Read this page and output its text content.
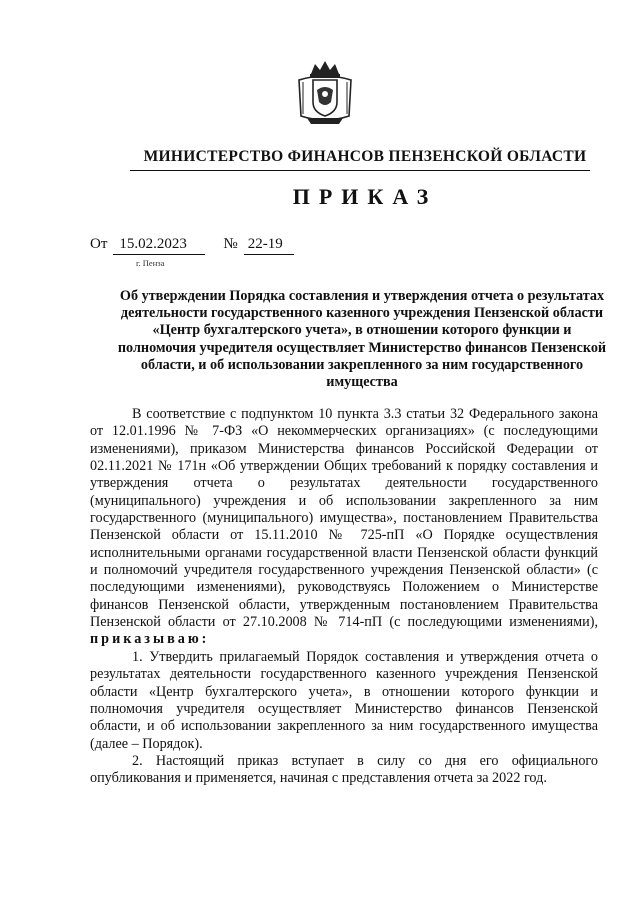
МИНИСТЕРСТВО ФИНАНСОВ ПЕНЗЕНСКОЙ ОБЛАСТИ
ПРИКАЗ
От 15.02.2023 № 22-19
г. Пенза
Об утверждении Порядка составления и утверждения отчета о результатах деятельности государственного казенного учреждения Пензенской области «Центр бухгалтерского учета», в отношении которого функции и полномочия учредителя осуществляет Министерство финансов Пензенской области, и об использовании закрепленного за ним государственного имущества

В соответствие с подпунктом 10 пункта 3.3 статьи 32 Федерального закона от 12.01.1996 № 7-ФЗ «О некоммерческих организациях» (с последующими изменениями), приказом Министерства финансов Российской Федерации от 02.11.2021 № 171н «Об утверждении Общих требований к порядку составления и утверждения отчета о результатах деятельности государственного (муниципального) учреждения и об использовании закрепленного за ним государственного (муниципального) имущества», постановлением Правительства Пензенской области от 15.11.2010 № 725-пП «О Порядке осуществления исполнительными органами государственной власти Пензенской области функций и полномочий учредителя государственного учреждения Пензенской области» (с последующими изменениями), руководствуясь Положением о Министерстве финансов Пензенской области, утвержденным постановлением Правительства Пензенской области от 27.10.2008 № 714-пП (с последующими изменениями), приказываю:

1. Утвердить прилагаемый Порядок составления и утверждения отчета о результатах деятельности государственного казенного учреждения Пензенской области «Центр бухгалтерского учета», в отношении которого функции и полномочия учредителя осуществляет Министерство финансов Пензенской области, и об использовании закрепленного за ним государственного имущества (далее – Порядок).

2. Настоящий приказ вступает в силу со дня его официального опубликования и применяется, начиная с представления отчета за 2022 год.
